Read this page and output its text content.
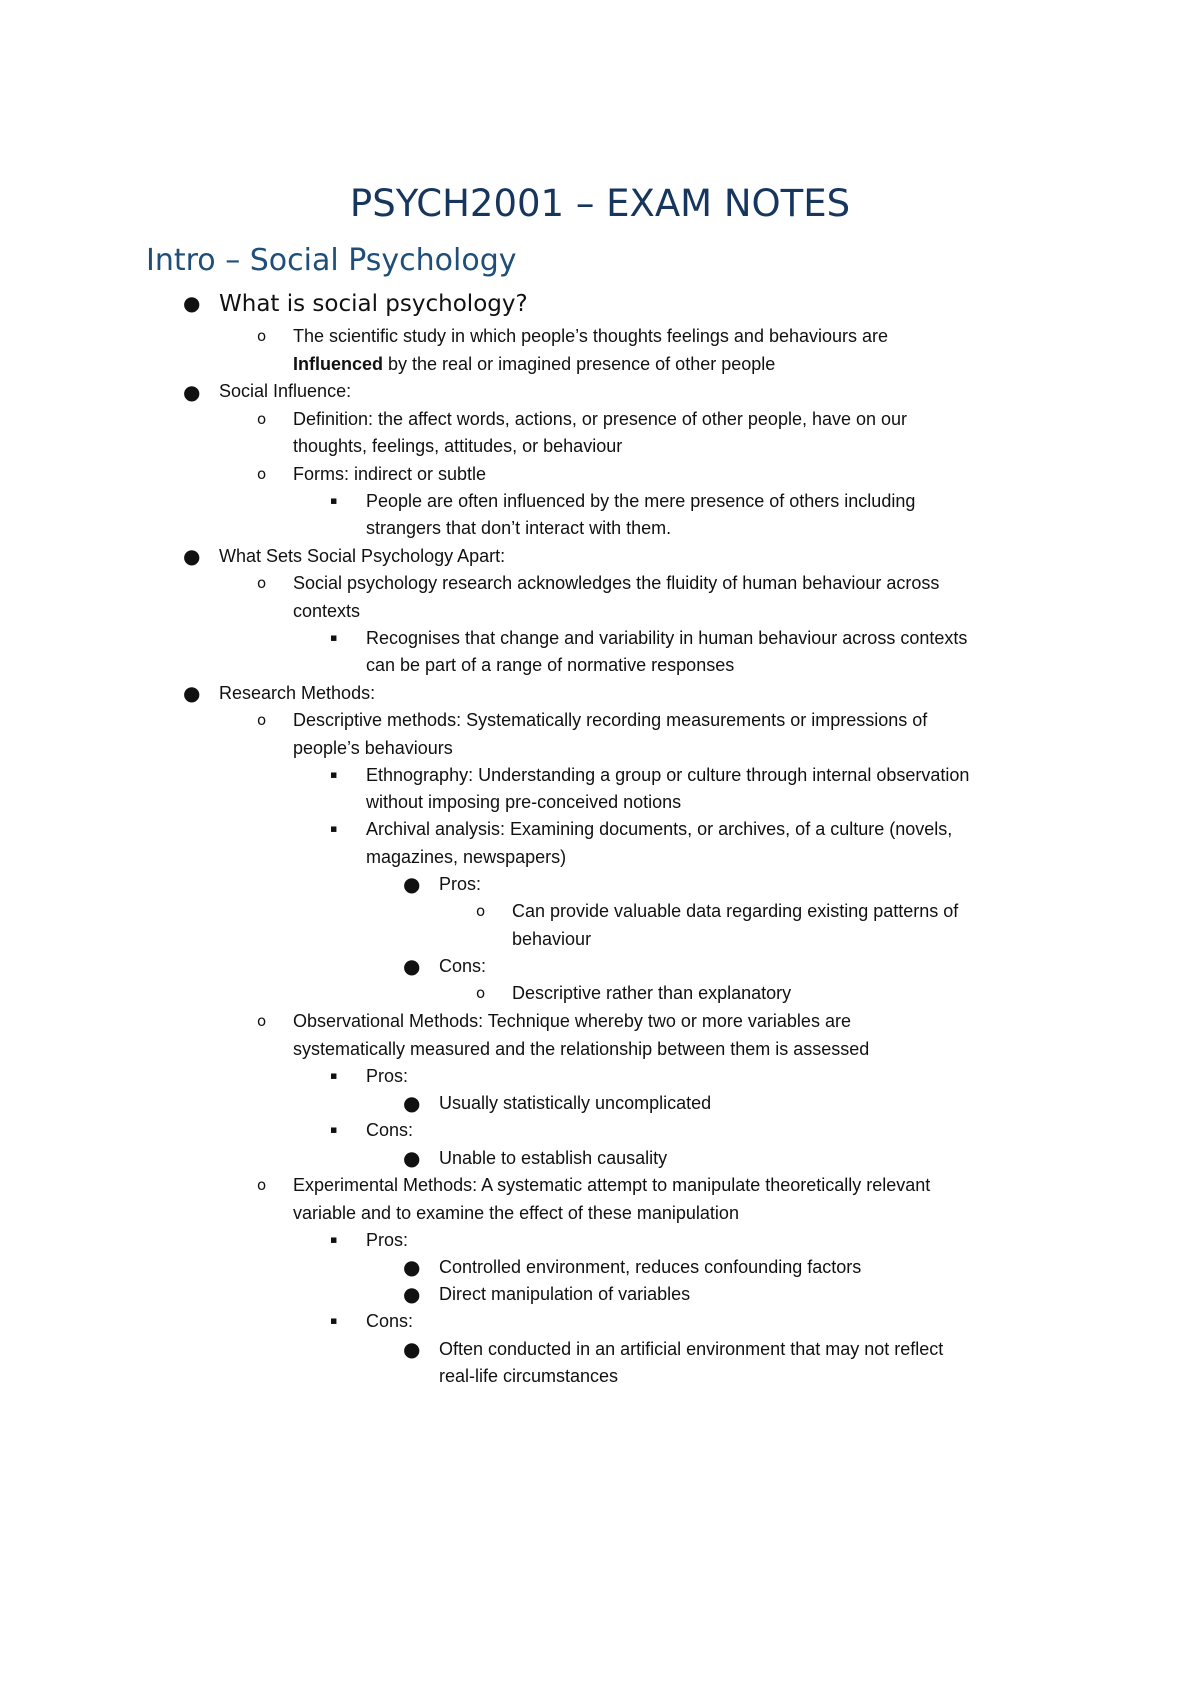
PSYCH2001 – EXAM NOTES
Intro – Social Psychology
● What is social psychology?
o The scientific study in which people’s thoughts feelings and behaviours are
Influenced by the real or imagined presence of other people
● Social Influence:
o Definition: the affect words, actions, or presence of other people, have on our
thoughts, feelings, attitudes, or behaviour
o Forms: indirect or subtle
▪ People are often influenced by the mere presence of others including
strangers that don’t interact with them.
● What Sets Social Psychology Apart:
o Social psychology research acknowledges the fluidity of human behaviour across
contexts
▪ Recognises that change and variability in human behaviour across contexts
can be part of a range of normative responses
● Research Methods:
o Descriptive methods: Systematically recording measurements or impressions of
people’s behaviours
▪ Ethnography: Understanding a group or culture through internal observation
without imposing pre-conceived notions
▪ Archival analysis: Examining documents, or archives, of a culture (novels,
magazines, newspapers)
● Pros:
o Can provide valuable data regarding existing patterns of
behaviour
● Cons:
o Descriptive rather than explanatory
o Observational Methods: Technique whereby two or more variables are
systematically measured and the relationship between them is assessed
▪ Pros:
● Usually statistically uncomplicated
▪ Cons:
● Unable to establish causality
o Experimental Methods: A systematic attempt to manipulate theoretically relevant
variable and to examine the effect of these manipulation
▪ Pros:
● Controlled environment, reduces confounding factors
● Direct manipulation of variables
▪ Cons:
● Often conducted in an artificial environment that may not reflect
real-life circumstances
